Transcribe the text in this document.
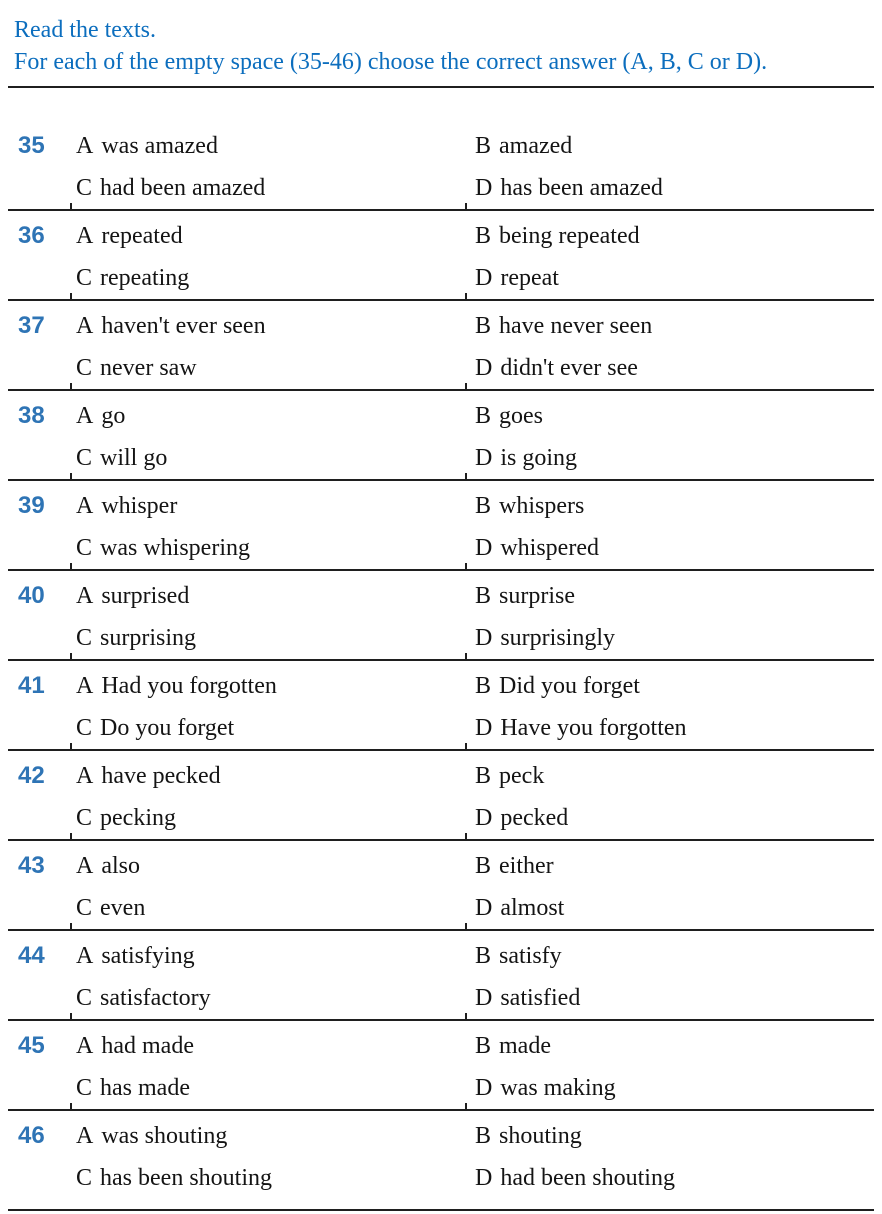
Read the texts.
For each of the empty space (35-46) choose the correct answer (A, B, C or D).
35	A was amazed	B amazed
C had been amazed	D has been amazed
36	A repeated	B being repeated
C repeating	D repeat
37	A haven't ever seen	B have never seen
C never saw	D didn't ever see
38	A go	B goes
C will go	D is going
39	A whisper	B whispers
C was whispering	D whispered
40	A surprised	B surprise
C surprising	D surprisingly
41	A Had you forgotten	B Did you forget
C Do you forget	D Have you forgotten
42	A have pecked	B peck
C pecking	D pecked
43	A also	B either
C even	D almost
44	A satisfying	B satisfy
C satisfactory	D satisfied
45	A had made	B made
C has made	D was making
46	A was shouting	B shouting
C has been shouting	D had been shouting
